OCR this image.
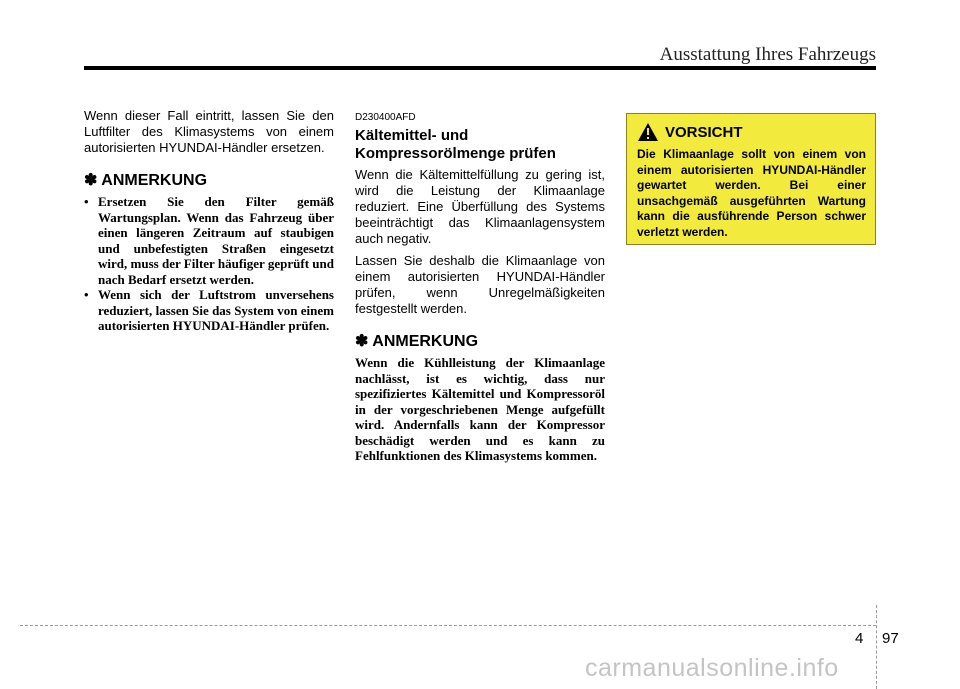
Ausstattung Ihres Fahrzeugs

Wenn dieser Fall eintritt, lassen Sie den Luftfilter des Klimasystems von einem autorisierten HYUNDAI-Händler ersetzen.

✽ ANMERKUNG
• Ersetzen Sie den Filter gemäß Wartungsplan. Wenn das Fahrzeug über einen längeren Zeitraum auf staubigen und unbefestigten Straßen eingesetzt wird, muss der Filter häufiger geprüft und nach Bedarf ersetzt werden.
• Wenn sich der Luftstrom unversehens reduziert, lassen Sie das System von einem autorisierten HYUNDAI-Händler prüfen.
D230400AFD
Kältemittel- und Kompressorölmenge prüfen

Wenn die Kältemittelfüllung zu gering ist, wird die Leistung der Klimaanlage reduziert. Eine Überfüllung des Systems beeinträchtigt das Klimaanlagensystem auch negativ.

Lassen Sie deshalb die Klimaanlage von einem autorisierten HYUNDAI-Händler prüfen, wenn Unregelmäßigkeiten festgestellt werden.

✽ ANMERKUNG

Wenn die Kühlleistung der Klimaanlage nachlässt, ist es wichtig, dass nur spezifiziertes Kältemittel und Kompressoröl in der vorgeschriebenen Menge aufgefüllt wird. Andernfalls kann der Kompressor beschädigt werden und es kann zu Fehlfunktionen des Klimasystems kommen.

VORSICHT

Die Klimaanlage sollt von einem von einem autorisierten HYUNDAI-Händler gewartet werden. Bei einer unsachgemäß ausgeführten Wartung kann die ausführende Person schwer verletzt werden.

4 97
carmanualsonline.info
